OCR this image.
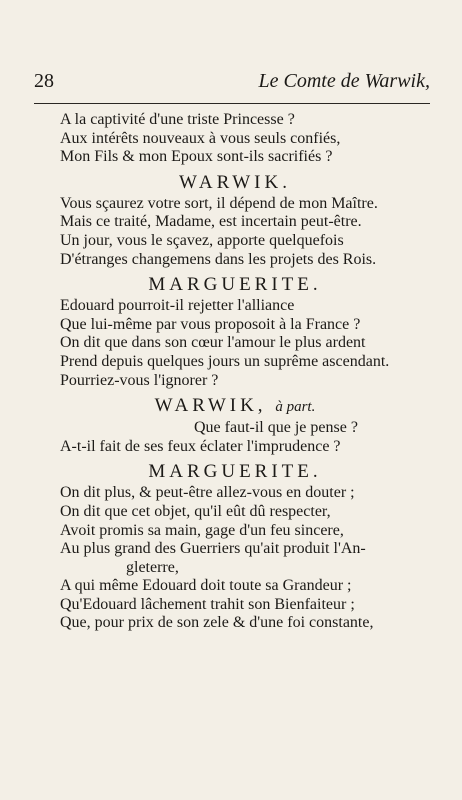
28	Le Comte de Warwik,
A la captivité d'une triste Princesse ?
Aux intérêts nouveaux à vous seuls confiés,
Mon Fils & mon Epoux sont-ils sacrifiés ?
WARWIK.
Vous sçaurez votre sort, il dépend de mon Maître.
Mais ce traité, Madame, est incertain peut-être.
Un jour, vous le sçavez, apporte quelquefois
D'étranges changemens dans les projets des Rois.
MARGUERITE.
Edouard pourroit-il rejetter l'alliance
Que lui-même par vous proposoit à la France ?
On dit que dans son cœur l'amour le plus ardent
Prend depuis quelques jours un suprême ascendant.
Pourriez-vous l'ignorer ?
WARWIK, à part.
Que faut-il que je pense ?
A-t-il fait de ses feux éclater l'imprudence ?
MARGUERITE.
On dit plus, & peut-être allez-vous en douter ;
On dit que cet objet, qu'il eût dû respecter,
Avoit promis sa main, gage d'un feu sincere,
Au plus grand des Guerriers qu'ait produit l'An-
gleterre,
A qui même Edouard doit toute sa Grandeur ;
Qu'Edouard lâchement trahit son Bienfaiteur ;
Que, pour prix de son zele & d'une foi constante,
